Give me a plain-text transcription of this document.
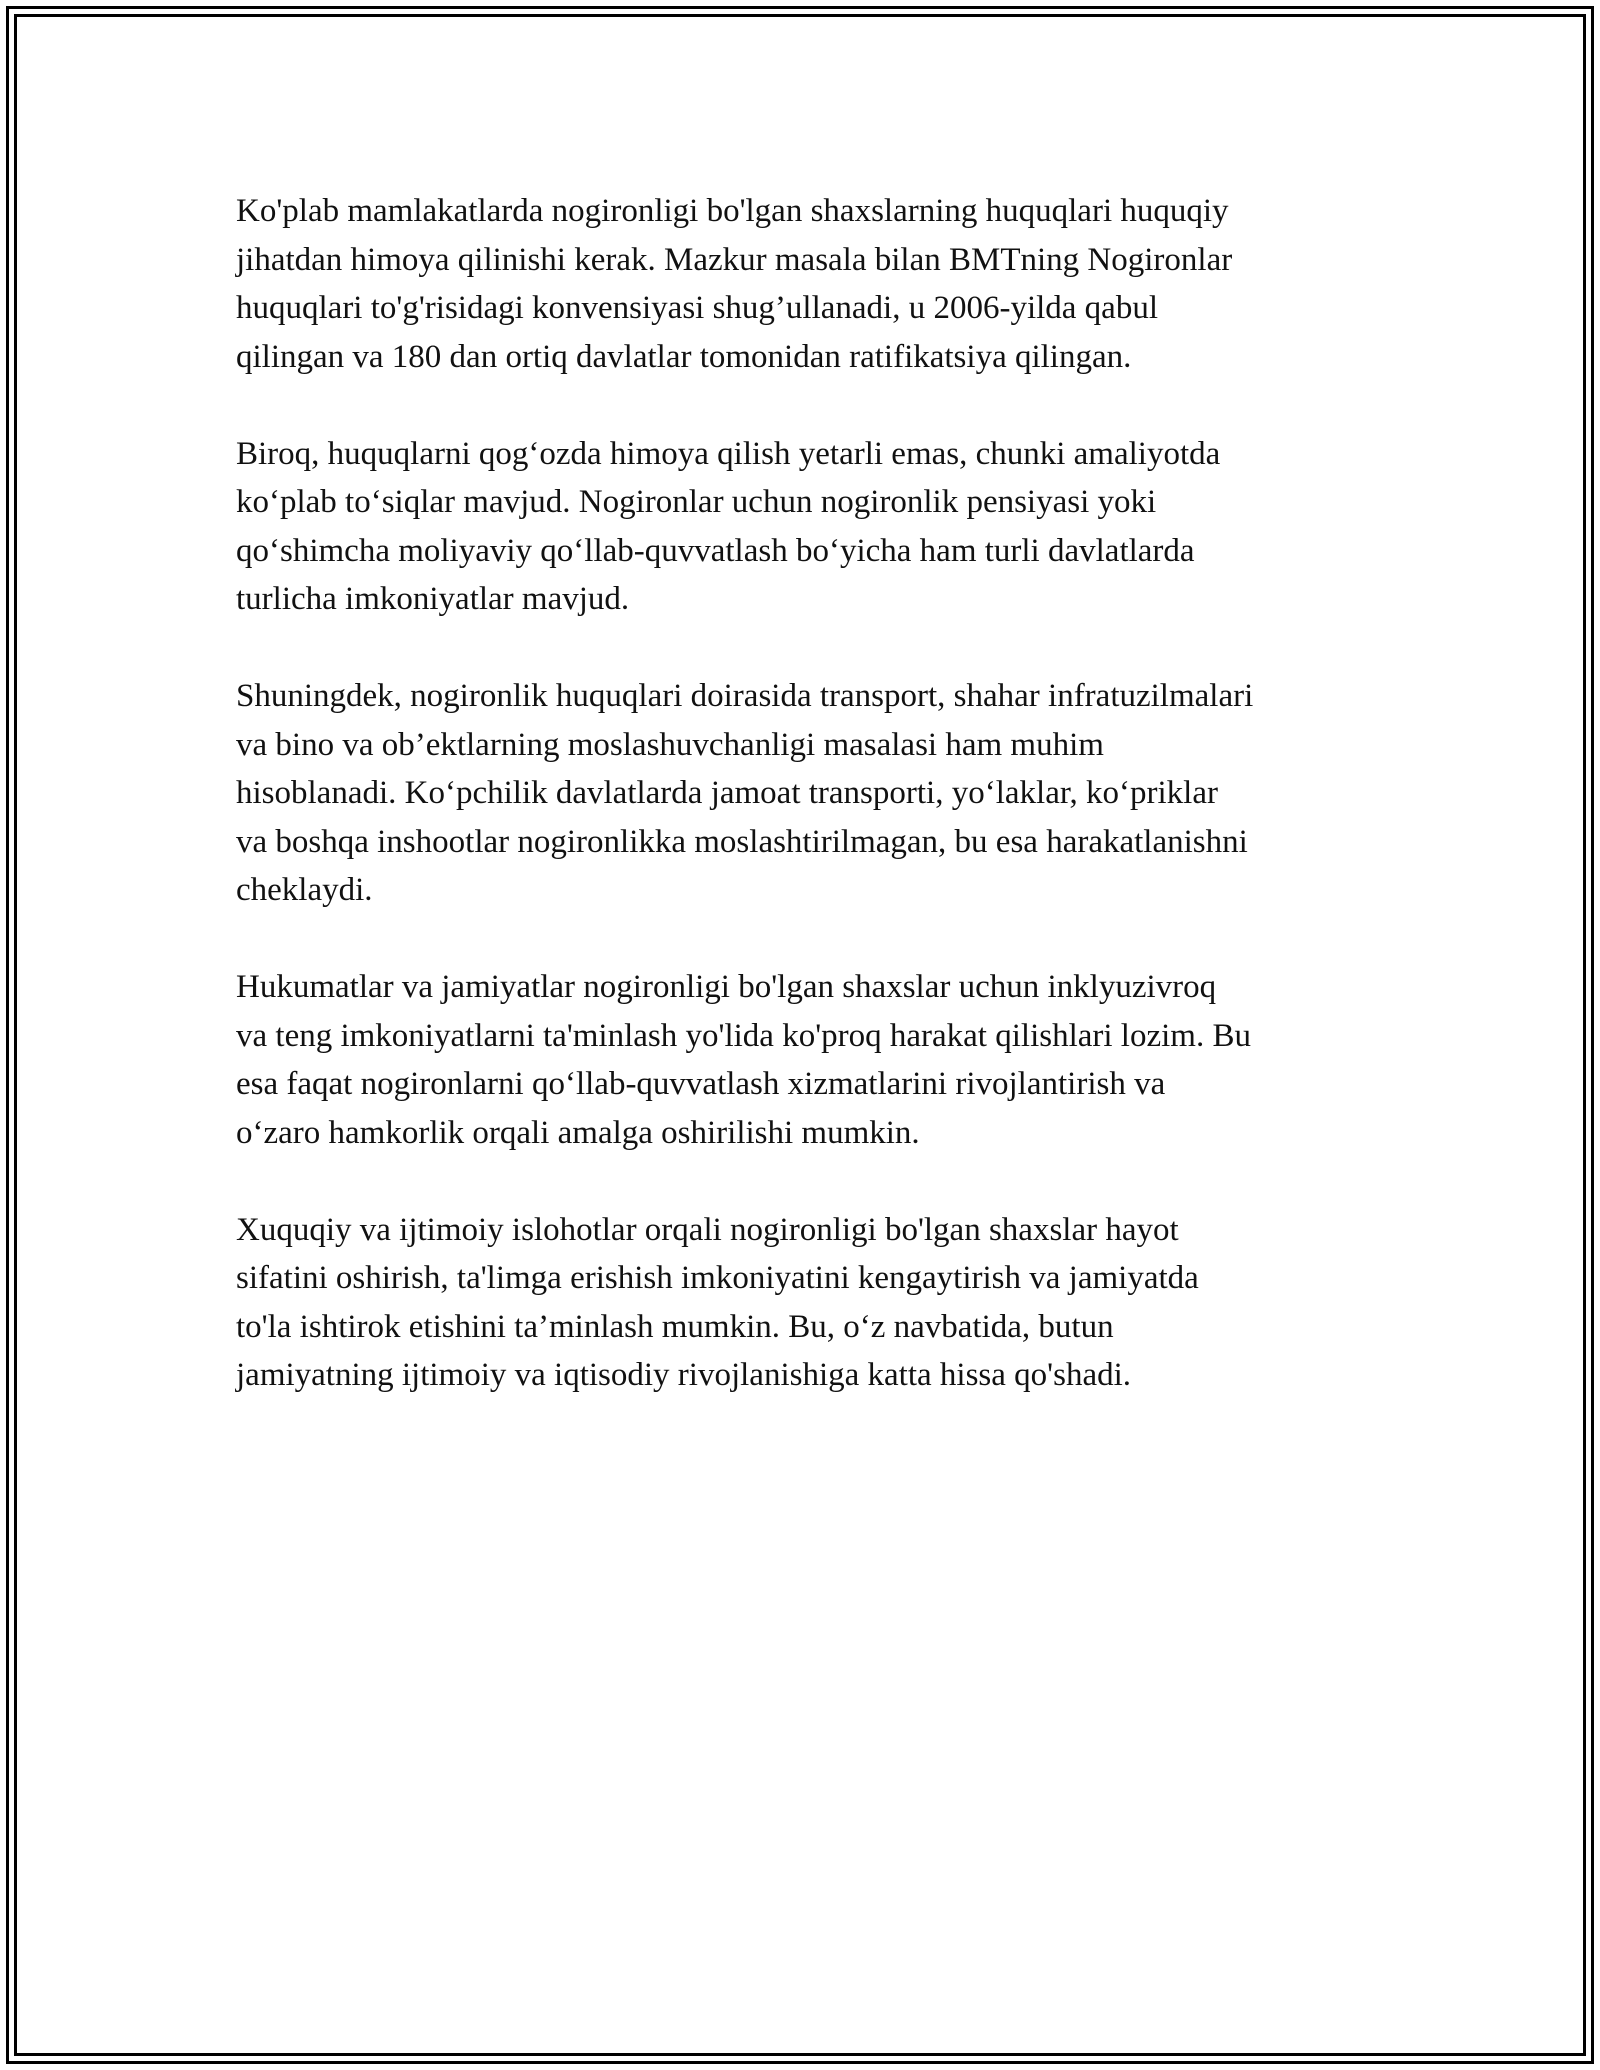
Ko'plab mamlakatlarda nogironligi bo'lgan shaxslarning huquqlari huquqiy
jihatdan himoya qilinishi kerak. Mazkur masala bilan BMTning Nogironlar
huquqlari to'g'risidagi konvensiyasi shug’ullanadi, u 2006-yilda qabul
qilingan va 180 dan ortiq davlatlar tomonidan ratifikatsiya qilingan.

Biroq, huquqlarni qog‘ozda himoya qilish yetarli emas, chunki amaliyotda
ko‘plab to‘siqlar mavjud. Nogironlar uchun nogironlik pensiyasi yoki
qo‘shimcha moliyaviy qo‘llab-quvvatlash bo‘yicha ham turli davlatlarda
turlicha imkoniyatlar mavjud.

Shuningdek, nogironlik huquqlari doirasida transport, shahar infratuzilmalari
va bino va ob’ektlarning moslashuvchanligi masalasi ham muhim
hisoblanadi. Ko‘pchilik davlatlarda jamoat transporti, yo‘laklar, ko‘priklar
va boshqa inshootlar nogironlikka moslashtirilmagan, bu esa harakatlanishni
cheklaydi.

Hukumatlar va jamiyatlar nogironligi bo'lgan shaxslar uchun inklyuzivroq
va teng imkoniyatlarni ta'minlash yo'lida ko'proq harakat qilishlari lozim. Bu
esa faqat nogironlarni qo‘llab-quvvatlash xizmatlarini rivojlantirish va
o‘zaro hamkorlik orqali amalga oshirilishi mumkin.

Xuquqiy va ijtimoiy islohotlar orqali nogironligi bo'lgan shaxslar hayot
sifatini oshirish, ta'limga erishish imkoniyatini kengaytirish va jamiyatda
to'la ishtirok etishini ta’minlash mumkin. Bu, o‘z navbatida, butun
jamiyatning ijtimoiy va iqtisodiy rivojlanishiga katta hissa qo'shadi.
